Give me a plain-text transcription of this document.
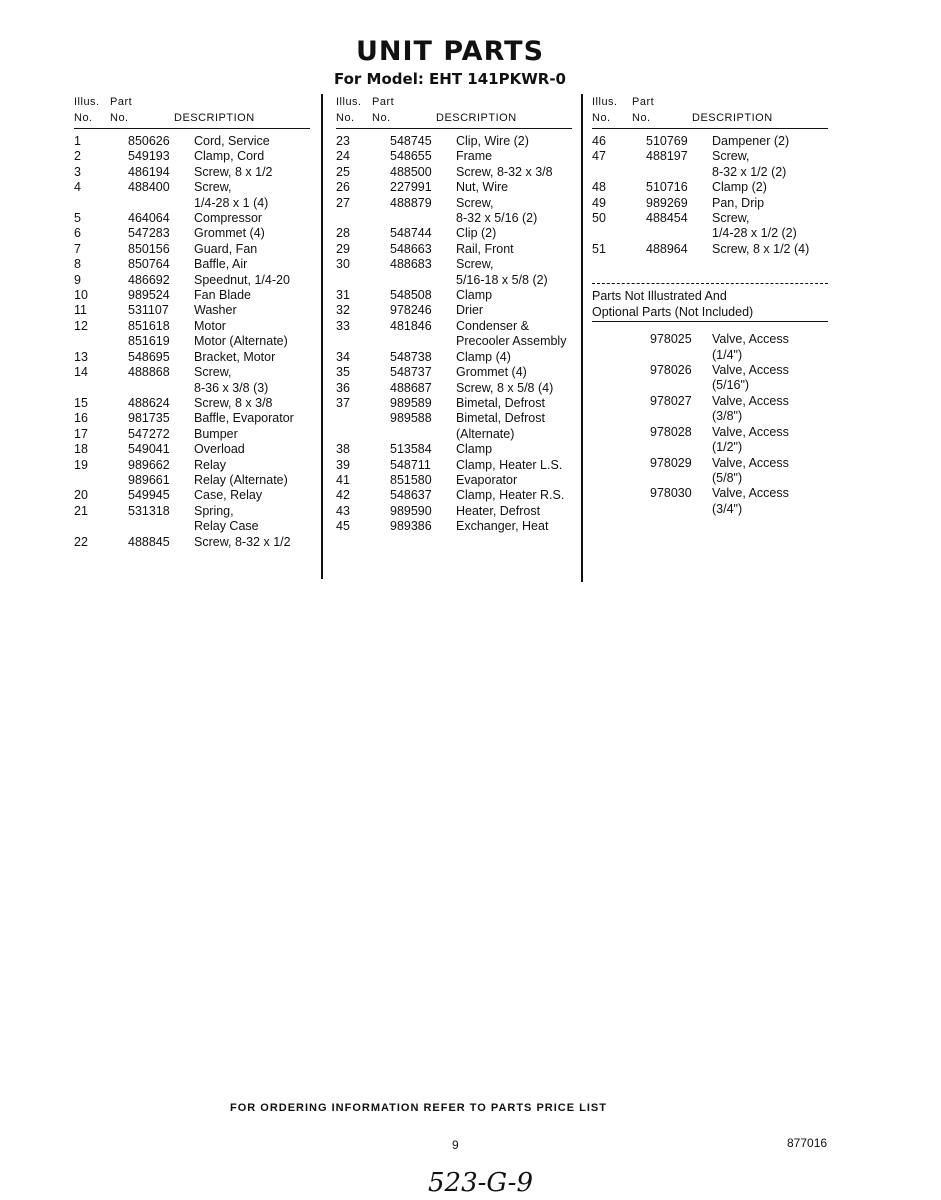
UNIT PARTS
For Model: EHT 141PKWR-0
Illus. Part
No. No.	DESCRIPTION
1	850626	Cord, Service
2	549193	Clamp, Cord
3	486194	Screw, 8 x 1/2
4	488400	Screw,
1/4-28 x 1 (4)
5	464064	Compressor
6	547283	Grommet (4)
7	850156	Guard, Fan
8	850764	Baffle, Air
9	486692	Speednut, 1/4-20
10	989524	Fan Blade
11	531107	Washer
12	851618	Motor
851619	Motor (Alternate)
13	548695	Bracket, Motor
14	488868	Screw,
8-36 x 3/8 (3)
15	488624	Screw, 8 x 3/8
16	981735	Baffle, Evaporator
17	547272	Bumper
18	549041	Overload
19	989662	Relay
989661	Relay (Alternate)
20	549945	Case, Relay
21	531318	Spring,
Relay Case
22	488845	Screw, 8-32 x 1/2
Illus. Part
No. No.	DESCRIPTION
23	548745	Clip, Wire (2)
24	548655	Frame
25	488500	Screw, 8-32 x 3/8
26	227991	Nut, Wire
27	488879	Screw,
8-32 x 5/16 (2)
28	548744	Clip (2)
29	548663	Rail, Front
30	488683	Screw,
5/16-18 x 5/8 (2)
31	548508	Clamp
32	978246	Drier
33	481846	Condenser &
Precooler Assembly
34	548738	Clamp (4)
35	548737	Grommet (4)
36	488687	Screw, 8 x 5/8 (4)
37	989589	Bimetal, Defrost
989588	Bimetal, Defrost
(Alternate)
38	513584	Clamp
39	548711	Clamp, Heater L.S.
41	851580	Evaporator
42	548637	Clamp, Heater R.S.
43	989590	Heater, Defrost
45	989386	Exchanger, Heat
Illus. Part
No. No.	DESCRIPTION
46	510769	Dampener (2)
47	488197	Screw,
8-32 x 1/2 (2)
48	510716	Clamp (2)
49	989269	Pan, Drip
50	488454	Screw,
1/4-28 x 1/2 (2)
51	488964	Screw, 8 x 1/2 (4)
Parts Not Illustrated And
Optional Parts (Not Included)
978025	Valve, Access
(1/4")
978026	Valve, Access
(5/16")
978027	Valve, Access
(3/8")
978028	Valve, Access
(1/2")
978029	Valve, Access
(5/8")
978030	Valve, Access
(3/4")
FOR ORDERING INFORMATION REFER TO PARTS PRICE LIST
9	877016
523-G-9
